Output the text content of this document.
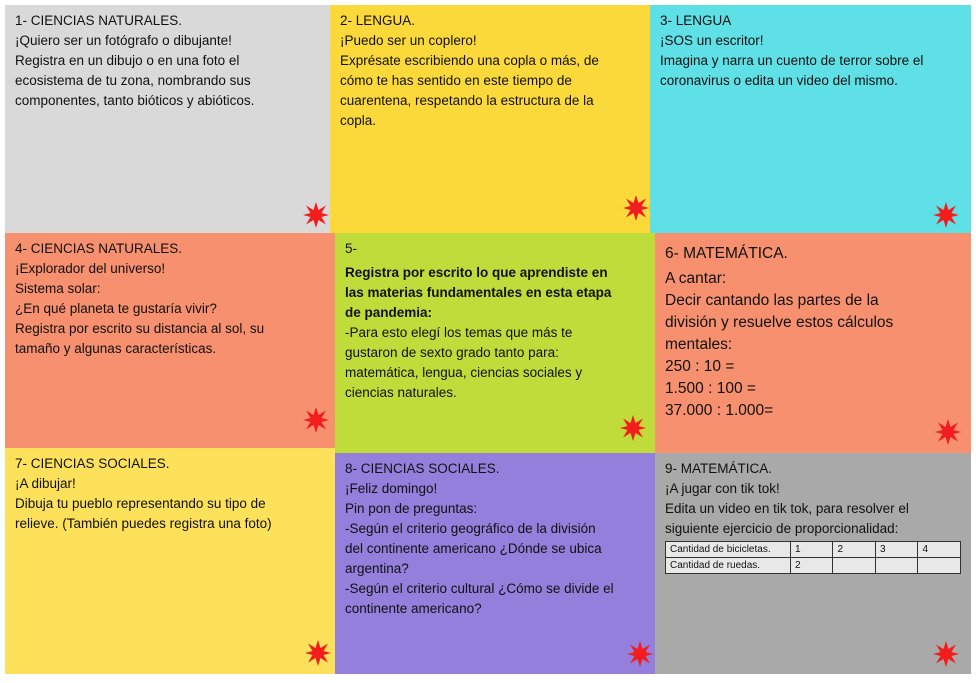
1- CIENCIAS NATURALES.

¡Quiero ser un fotógrafo o dibujante!

Registra en un dibujo o en una foto el

ecosistema de tu zona, nombrando sus

componentes, tanto bióticos y abióticos.

2- LENGUA.

¡Puedo ser un coplero!

Exprésate escribiendo una copla o más, de

cómo te has sentido en este tiempo de

cuarentena, respetando la estructura de la

copla.

3- LENGUA

¡SOS un escritor!

Imagina y narra un cuento de terror sobre el

coronavirus o edita un video del mismo.

4- CIENCIAS NATURALES.

¡Explorador del universo!

Sistema solar:

¿En qué planeta te gustaría vivir?

Registra por escrito su distancia al sol, su

tamaño y algunas características.

5-

Registra por escrito lo que aprendiste en

las materias fundamentales en esta etapa

de pandemia:

-Para esto elegí los temas que más te

gustaron de sexto grado tanto para:

matemática, lengua, ciencias sociales y

ciencias naturales.

6- MATEMÁTICA.

A cantar:

Decir cantando las partes de la

división y resuelve estos cálculos

mentales:

250 : 10 =

1.500 : 100 =

37.000 : 1.000=

7- CIENCIAS SOCIALES.

¡A dibujar!

Dibuja tu pueblo representando su tipo de

relieve. (También puedes registra una foto)

8- CIENCIAS SOCIALES.

¡Feliz domingo!

Pin pon de preguntas:

-Según el criterio geográfico de la división

del continente americano ¿Dónde se ubica

argentina?

-Según el criterio cultural ¿Cómo se divide el

continente americano?

9- MATEMÁTICA.

¡A jugar con tik tok!

Edita un video en tik tok, para resolver el

siguiente ejercicio de proporcionalidad:

Cantidad de bicicletas.	1	2	3	4
Cantidad de ruedas.	2			
